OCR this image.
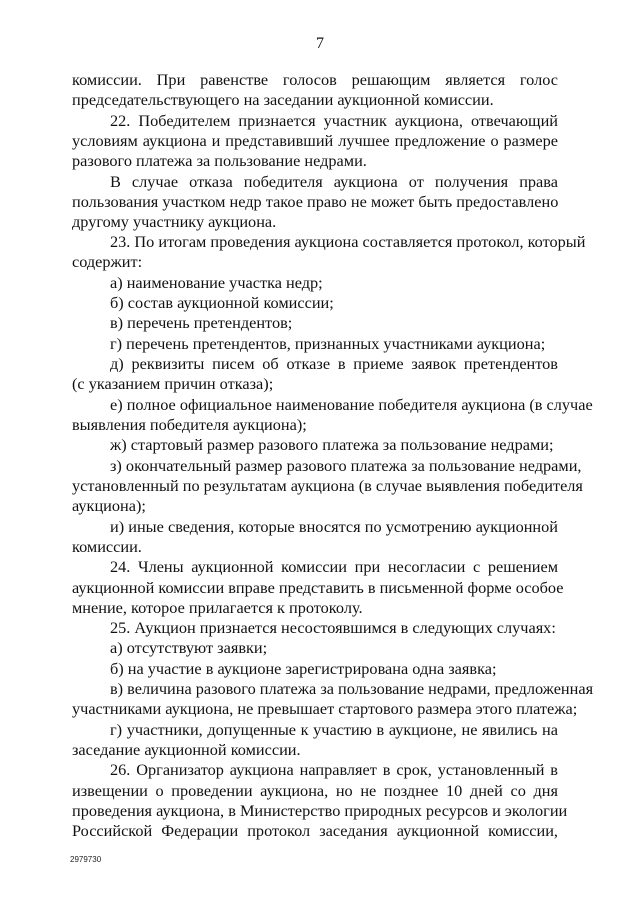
7
комиссии. При равенстве голосов решающим является голос
председательствующего на заседании аукционной комиссии.
22. Победителем признается участник аукциона, отвечающий
условиям аукциона и представивший лучшее предложение о размере
разового платежа за пользование недрами.
В случае отказа победителя аукциона от получения права
пользования участком недр такое право не может быть предоставлено
другому участнику аукциона.
23. По итогам проведения аукциона составляется протокол, который
содержит:
а) наименование участка недр;
б) состав аукционной комиссии;
в) перечень претендентов;
г) перечень претендентов, признанных участниками аукциона;
д) реквизиты писем об отказе в приеме заявок претендентов
(с указанием причин отказа);
е) полное официальное наименование победителя аукциона (в случае
выявления победителя аукциона);
ж) стартовый размер разового платежа за пользование недрами;
з) окончательный размер разового платежа за пользование недрами,
установленный по результатам аукциона (в случае выявления победителя
аукциона);
и) иные сведения, которые вносятся по усмотрению аукционной
комиссии.
24. Члены аукционной комиссии при несогласии с решением
аукционной комиссии вправе представить в письменной форме особое
мнение, которое прилагается к протоколу.
25. Аукцион признается несостоявшимся в следующих случаях:
а) отсутствуют заявки;
б) на участие в аукционе зарегистрирована одна заявка;
в) величина разового платежа за пользование недрами, предложенная
участниками аукциона, не превышает стартового размера этого платежа;
г) участники, допущенные к участию в аукционе, не явились на
заседание аукционной комиссии.
26. Организатор аукциона направляет в срок, установленный в
извещении о проведении аукциона, но не позднее 10 дней со дня
проведения аукциона, в Министерство природных ресурсов и экологии
Российской Федерации протокол заседания аукционной комиссии,
2979730
